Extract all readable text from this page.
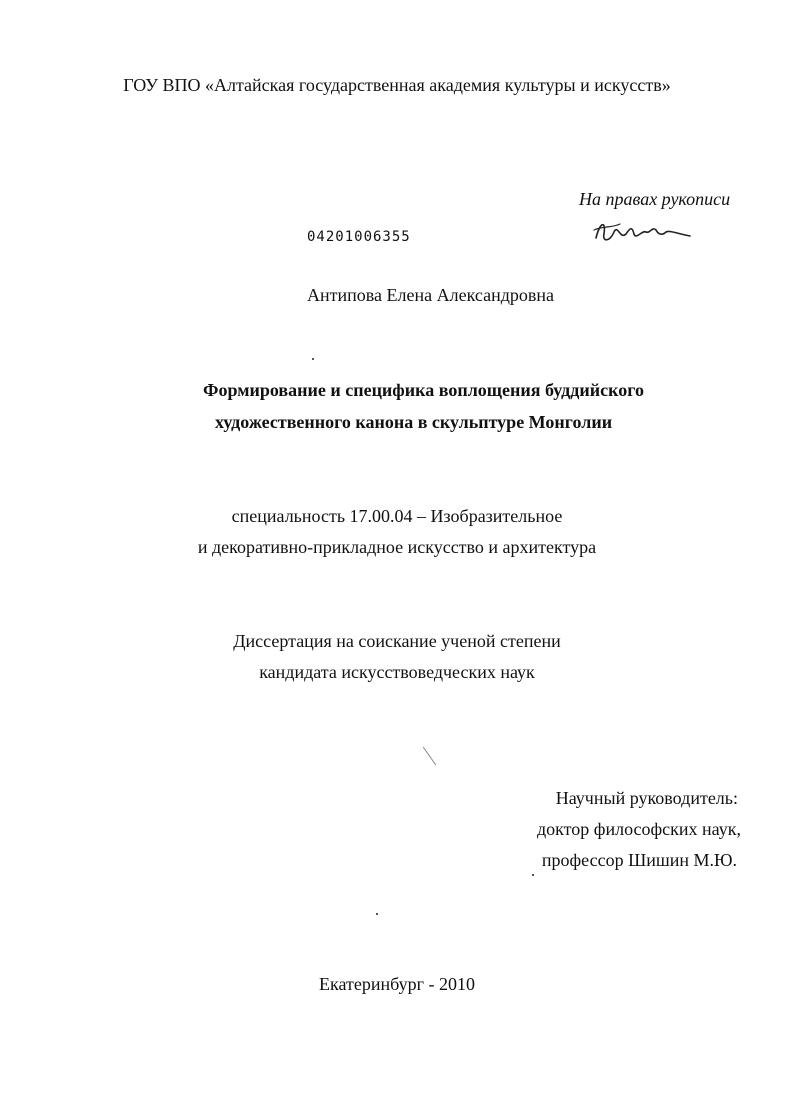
ГОУ ВПО «Алтайская государственная академия культуры и искусств»
На правах рукописи
04201006355
Антипова Елена Александровна
Формирование и специфика воплощения буддийского
художественного канона в скульптуре Монголии
специальность 17.00.04 – Изобразительное
и декоративно-прикладное искусство и архитектура
Диссертация на соискание ученой степени
кандидата искусствоведческих наук
Научный руководитель:
доктор философских наук,
профессор Шишин М.Ю.
Екатеринбург - 2010
